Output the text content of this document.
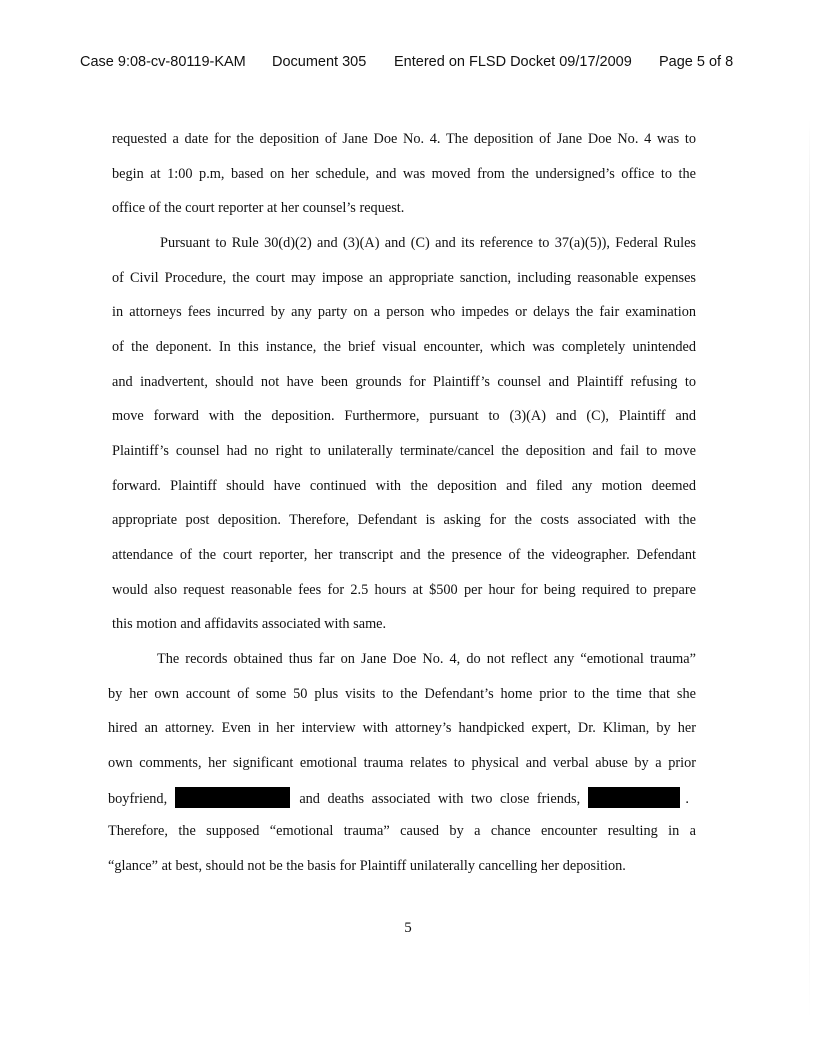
Case 9:08-cv-80119-KAM Document 305 Entered on FLSD Docket 09/17/2009 Page 5 of 8
requested a date for the deposition of Jane Doe No. 4. The deposition of Jane Doe No. 4 was to
begin at 1:00 p.m, based on her schedule, and was moved from the undersigned’s office to the
office of the court reporter at her counsel’s request.
Pursuant to Rule 30(d)(2) and (3)(A) and (C) and its reference to 37(a)(5)), Federal Rules
of Civil Procedure, the court may impose an appropriate sanction, including reasonable expenses
in attorneys fees incurred by any party on a person who impedes or delays the fair examination
of the deponent. In this instance, the brief visual encounter, which was completely unintended
and inadvertent, should not have been grounds for Plaintiff’s counsel and Plaintiff refusing to
move forward with the deposition. Furthermore, pursuant to (3)(A) and (C), Plaintiff and
Plaintiff’s counsel had no right to unilaterally terminate/cancel the deposition and fail to move
forward. Plaintiff should have continued with the deposition and filed any motion deemed
appropriate post deposition. Therefore, Defendant is asking for the costs associated with the
attendance of the court reporter, her transcript and the presence of the videographer. Defendant
would also request reasonable fees for 2.5 hours at $500 per hour for being required to prepare
this motion and affidavits associated with same.
The records obtained thus far on Jane Doe No. 4, do not reflect any “emotional trauma”
by her own account of some 50 plus visits to the Defendant’s home prior to the time that she
hired an attorney. Even in her interview with attorney’s handpicked expert, Dr. Kliman, by her
own comments, her significant emotional trauma relates to physical and verbal abuse by a prior
boyfriend,	and deaths associated with two close friends,	.
Therefore, the supposed “emotional trauma” caused by a chance encounter resulting in a
“glance” at best, should not be the basis for Plaintiff unilaterally cancelling her deposition.
5
